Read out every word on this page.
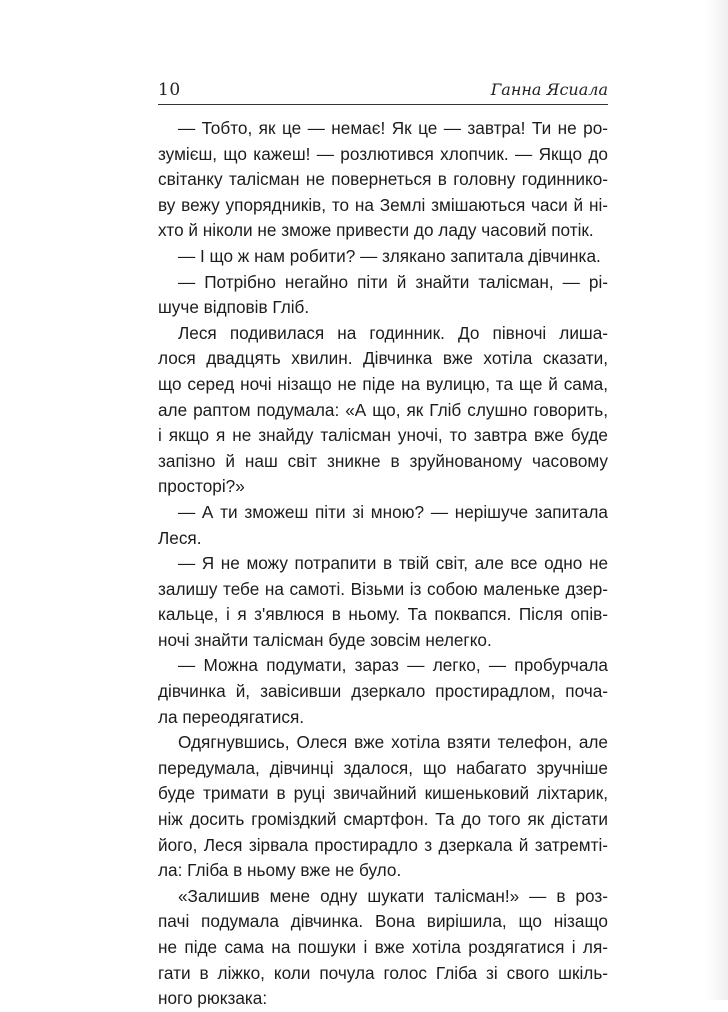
10	Ганна Ясиала
— Тобто, як це — немає! Як це — завтра! Ти не ро-
зумієш, що кажеш! — розлютився хлопчик. — Якщо до
світанку талісман не повернеться в головну годиннико-
ву вежу упорядників, то на Землі змішаються часи й ні-
хто й ніколи не зможе привести до ладу часовий потік.
— І що ж нам робити? — злякано запитала дівчинка.
— Потрібно негайно піти й знайти талісман, — рі-
шуче відповів Гліб.
Леся подивилася на годинник. До півночі лиша-
лося двадцять хвилин. Дівчинка вже хотіла сказати,
що серед ночі нізащо не піде на вулицю, та ще й сама,
але раптом подумала: «А що, як Гліб слушно говорить,
і якщо я не знайду талісман уночі, то завтра вже буде
запізно й наш світ зникне в зруйнованому часовому
просторі?»
— А ти зможеш піти зі мною? — нерішуче запитала
Леся.
— Я не можу потрапити в твій світ, але все одно не
залишу тебе на самоті. Візьми із собою маленьке дзер-
кальце, і я з'явлюся в ньому. Та поквапся. Після опів-
ночі знайти талісман буде зовсім нелегко.
— Можна подумати, зараз — легко, — пробурчала
дівчинка й, завісивши дзеркало простирадлом, поча-
ла переодягатися.
Одягнувшись, Олеся вже хотіла взяти телефон, але
передумала, дівчинці здалося, що набагато зручніше
буде тримати в руці звичайний кишеньковий ліхтарик,
ніж досить громіздкий смартфон. Та до того як дістати
його, Леся зірвала простирадло з дзеркала й затремті-
ла: Гліба в ньому вже не було.
«Залишив мене одну шукати талісман!» — в роз-
пачі подумала дівчинка. Вона вирішила, що нізащо
не піде сама на пошуки і вже хотіла роздягатися і ля-
гати в ліжко, коли почула голос Гліба зі свого шкіль-
ного рюкзака:
